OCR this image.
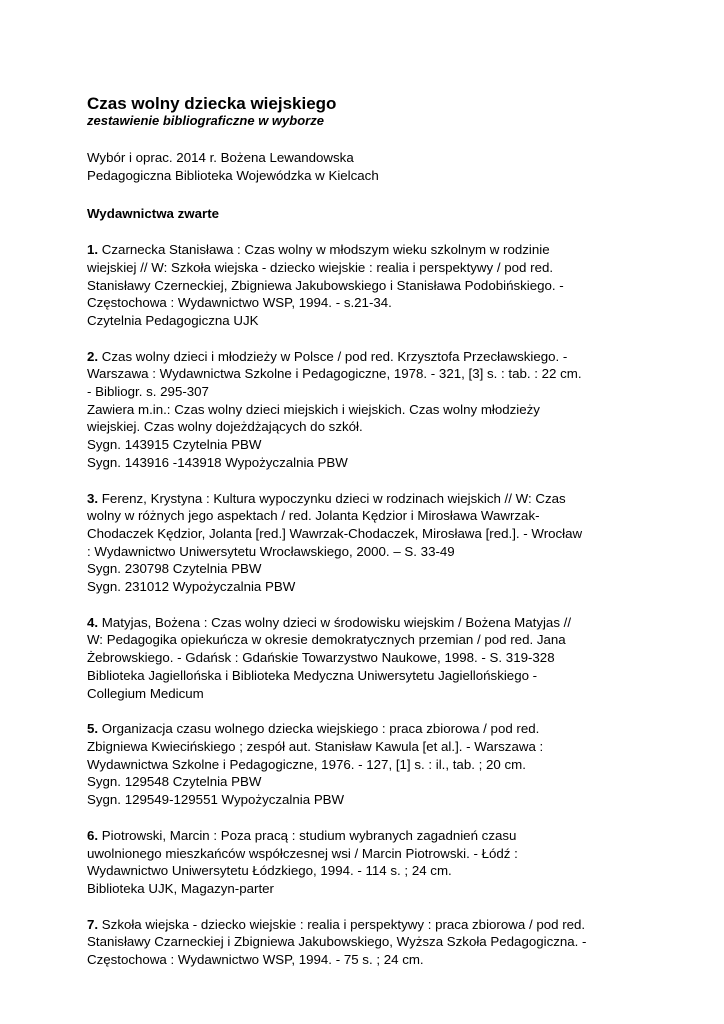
Czas wolny dziecka wiejskiego

zestawienie bibliograficzne w wyborze

Wybór i oprac. 2014 r. Bożena Lewandowska

Pedagogiczna Biblioteka Wojewódzka w Kielcach

Wydawnictwa zwarte

1. Czarnecka Stanisława : Czas wolny w młodszym wieku szkolnym w rodzinie

wiejskiej // W: Szkoła wiejska - dziecko wiejskie : realia i perspektywy / pod red.

Stanisławy Czerneckiej, Zbigniewa Jakubowskiego i Stanisława Podobińskiego. -

Częstochowa : Wydawnictwo WSP, 1994. - s.21-34.

Czytelnia Pedagogiczna UJK

2. Czas wolny dzieci i młodzieży w Polsce / pod red. Krzysztofa Przecławskiego. -

Warszawa : Wydawnictwa Szkolne i Pedagogiczne, 1978. - 321, [3] s. : tab. : 22 cm.

- Bibliogr. s. 295-307

Zawiera m.in.: Czas wolny dzieci miejskich i wiejskich. Czas wolny młodzieży

wiejskiej. Czas wolny dojeżdżających do szkół.

Sygn. 143915 Czytelnia PBW

Sygn. 143916 -143918 Wypożyczalnia PBW

3. Ferenz, Krystyna : Kultura wypoczynku dzieci w rodzinach wiejskich // W: Czas

wolny w różnych jego aspektach / red. Jolanta Kędzior i Mirosława Wawrzak-

Chodaczek Kędzior, Jolanta [red.] Wawrzak-Chodaczek, Mirosława [red.]. - Wrocław

: Wydawnictwo Uniwersytetu Wrocławskiego, 2000. – S. 33-49

Sygn. 230798 Czytelnia PBW

Sygn. 231012 Wypożyczalnia PBW

4. Matyjas, Bożena : Czas wolny dzieci w środowisku wiejskim / Bożena Matyjas //

W: Pedagogika opiekuńcza w okresie demokratycznych przemian / pod red. Jana

Żebrowskiego. - Gdańsk : Gdańskie Towarzystwo Naukowe, 1998. - S. 319-328

Biblioteka Jagiellońska i Biblioteka Medyczna Uniwersytetu Jagiellońskiego -

Collegium Medicum

5. Organizacja czasu wolnego dziecka wiejskiego : praca zbiorowa / pod red.

Zbigniewa Kwiecińskiego ; zespół aut. Stanisław Kawula [et al.]. - Warszawa :

Wydawnictwa Szkolne i Pedagogiczne, 1976. - 127, [1] s. : il., tab. ; 20 cm.

Sygn. 129548 Czytelnia PBW

Sygn. 129549-129551 Wypożyczalnia PBW

6. Piotrowski, Marcin : Poza pracą : studium wybranych zagadnień czasu

uwolnionego mieszkańców współczesnej wsi / Marcin Piotrowski. - Łódź :

Wydawnictwo Uniwersytetu Łódzkiego, 1994. - 114 s. ; 24 cm.

Biblioteka UJK, Magazyn-parter

7. Szkoła wiejska - dziecko wiejskie : realia i perspektywy : praca zbiorowa / pod red.

Stanisławy Czarneckiej i Zbigniewa Jakubowskiego, Wyższa Szkoła Pedagogiczna. -

Częstochowa : Wydawnictwo WSP, 1994. - 75 s. ; 24 cm.
